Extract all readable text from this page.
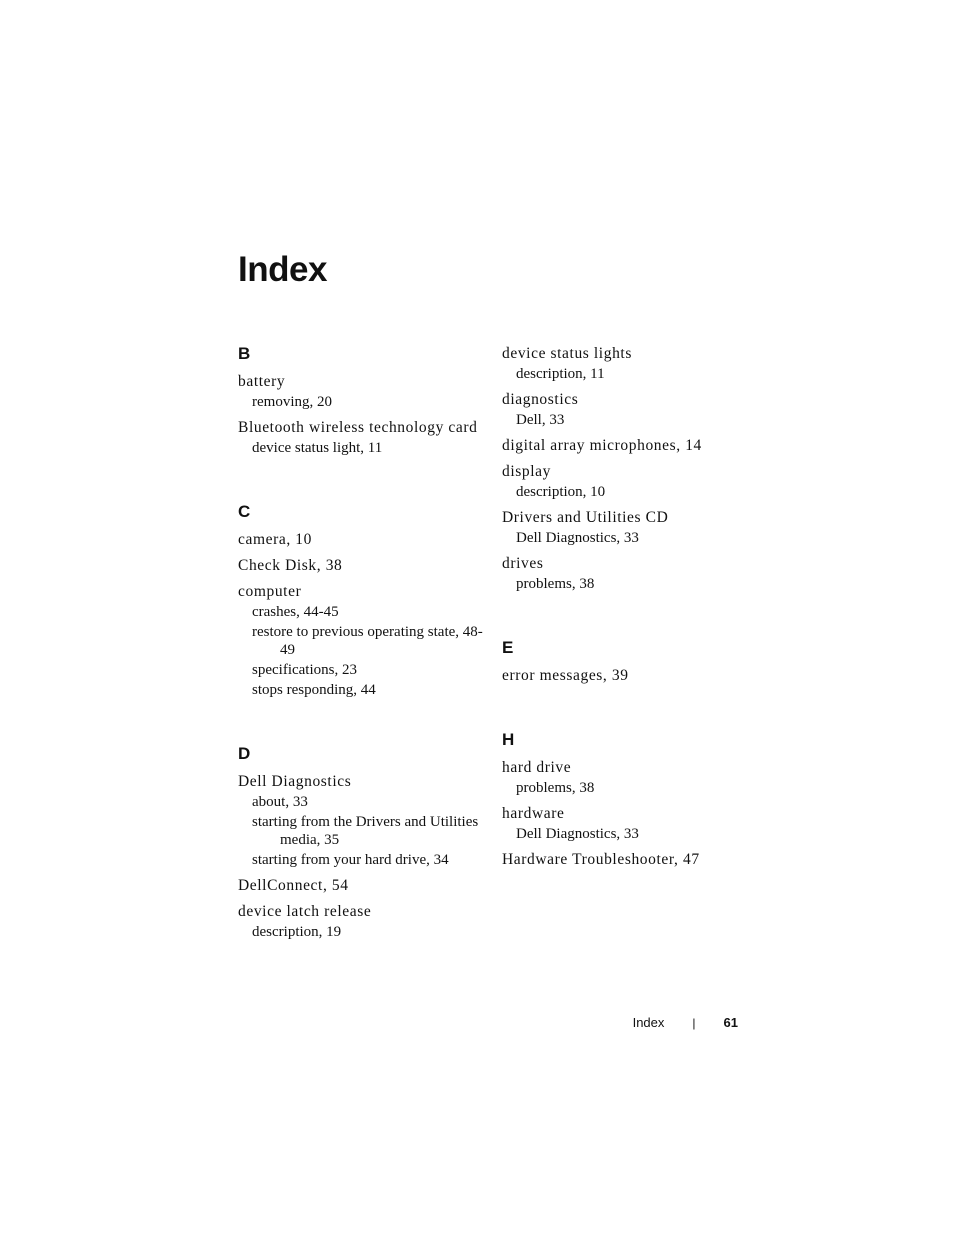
Index
B
battery
removing, 20
Bluetooth wireless technology card
device status light, 11
C
camera, 10
Check Disk, 38
computer
crashes, 44-45
restore to previous operating state, 48-49
specifications, 23
stops responding, 44
D
Dell Diagnostics
about, 33
starting from the Drivers and Utilities media, 35
starting from your hard drive, 34
DellConnect, 54
device latch release
description, 19
device status lights
description, 11
diagnostics
Dell, 33
digital array microphones, 14
display
description, 10
Drivers and Utilities CD
Dell Diagnostics, 33
drives
problems, 38
E
error messages, 39
H
hard drive
problems, 38
hardware
Dell Diagnostics, 33
Hardware Troubleshooter, 47
Index | 61
